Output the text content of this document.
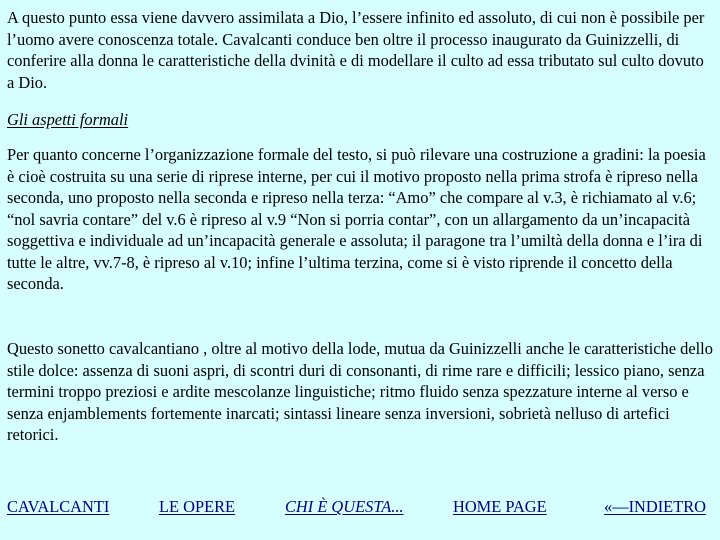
A questo punto essa viene davvero assimilata a Dio, l’essere infinito ed assoluto, di cui non è possibile per l’uomo avere conoscenza totale. Cavalcanti conduce ben oltre il processo inaugurato da Guinizzelli, di conferire alla donna le caratteristiche della dvinità e di modellare il culto ad essa tributato sul culto dovuto a Dio.

Gli aspetti formali

Per quanto concerne l’organizzazione formale del testo, si può rilevare una costruzione a gradini: la poesia è cioè costruita su una serie di riprese interne, per cui il motivo proposto nella prima strofa è ripreso nella seconda, uno proposto nella seconda e ripreso nella terza: “Amo” che compare al v.3, è richiamato al v.6; “nol savria contare” del v.6 è ripreso al v.9 “Non si porria contar”, con un allargamento da un’incapacità soggettiva e individuale ad un’incapacità generale e assoluta; il paragone tra l’umiltà della donna e l’ira di tutte le altre, vv.7-8, è ripreso al v.10; infine l’ultima terzina, come si è visto riprende il concetto della seconda.

Questo sonetto cavalcantiano , oltre al motivo della lode, mutua da Guinizzelli anche le caratteristiche dello stile dolce: assenza di suoni aspri, di scontri duri di consonanti, di rime rare e difficili; lessico piano, senza termini troppo preziosi e ardite mescolanze linguistiche; ritmo fluido senza spezzature interne al verso e senza enjamblements fortemente inarcati; sintassi lineare senza inversioni, sobrietà nelluso di artefici retorici.

CAVALCANTI	LE OPERE	CHI È QUESTA...	HOME PAGE	«—INDIETRO
